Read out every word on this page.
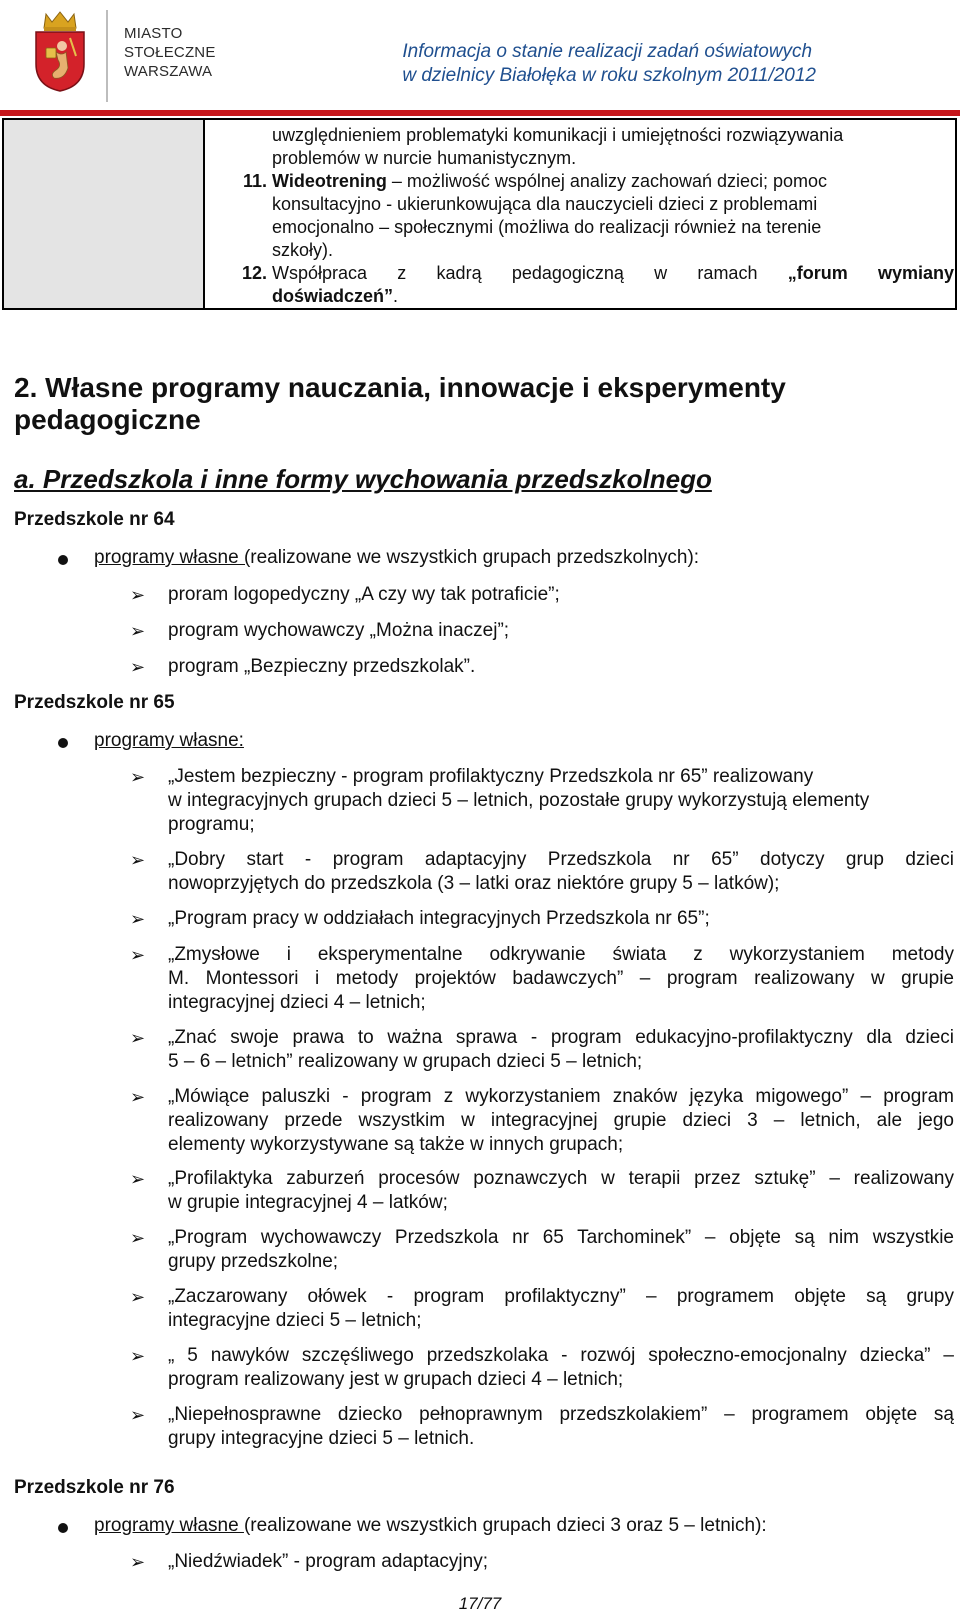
MIASTO
STOŁECZNE
WARSZAWA
Informacja o stanie realizacji zadań oświatowych
w dzielnicy Białołęka w roku szkolnym 2011/2012
uwzględnieniem problematyki komunikacji i umiejętności rozwiązywania
problemów w nurcie humanistycznym.
11. Wideotrening – możliwość wspólnej analizy zachowań dzieci; pomoc
konsultacyjno - ukierunkowująca dla nauczycieli dzieci z problemami
emocjonalno – społecznymi (możliwa do realizacji również na terenie
szkoły).
12. Współpraca z kadrą pedagogiczną w ramach „forum wymiany
doświadczeń”.
2. Własne programy nauczania, innowacje i eksperymenty
pedagogiczne
a. Przedszkola i inne formy wychowania przedszkolnego
Przedszkole nr 64
programy własne (realizowane we wszystkich grupach przedszkolnych):
➢ proram logopedyczny „A czy wy tak potraficie”;
➢ program wychowawczy „Można inaczej”;
➢ program „Bezpieczny przedszkolak”.
Przedszkole nr 65
programy własne:
➢ „Jestem bezpieczny - program profilaktyczny Przedszkola nr 65” realizowany
w integracyjnych grupach dzieci 5 – letnich, pozostałe grupy wykorzystują elementy
programu;
➢ „Dobry start - program adaptacyjny Przedszkola nr 65” dotyczy grup dzieci
nowoprzyjętych do przedszkola (3 – latki oraz niektóre grupy 5 – latków);
➢ „Program pracy w oddziałach integracyjnych Przedszkola nr 65”;
➢ „Zmysłowe i eksperymentalne odkrywanie świata z wykorzystaniem metody
M. Montessori i metody projektów badawczych” – program realizowany w grupie
integracyjnej dzieci 4 – letnich;
➢ „Znać swoje prawa to ważna sprawa - program edukacyjno-profilaktyczny dla dzieci
5 – 6 – letnich” realizowany w grupach dzieci 5 – letnich;
➢ „Mówiące paluszki - program z wykorzystaniem znaków języka migowego” – program
realizowany przede wszystkim w integracyjnej grupie dzieci 3 – letnich, ale jego
elementy wykorzystywane są także w innych grupach;
➢ „Profilaktyka zaburzeń procesów poznawczych w terapii przez sztukę” – realizowany
w grupie integracyjnej 4 – latków;
➢ „Program wychowawczy Przedszkola nr 65 Tarchominek” – objęte są nim wszystkie
grupy przedszkolne;
➢ „Zaczarowany ołówek - program profilaktyczny” – programem objęte są grupy
integracyjne dzieci 5 – letnich;
➢ „ 5 nawyków szczęśliwego przedszkolaka - rozwój społeczno-emocjonalny dziecka” –
program realizowany jest w grupach dzieci 4 – letnich;
➢ „Niepełnosprawne dziecko pełnoprawnym przedszkolakiem” – programem objęte są
grupy integracyjne dzieci 5 – letnich.
Przedszkole nr 76
programy własne (realizowane we wszystkich grupach dzieci 3 oraz 5 – letnich):
➢ „Niedźwiadek” - program adaptacyjny;
17/77
